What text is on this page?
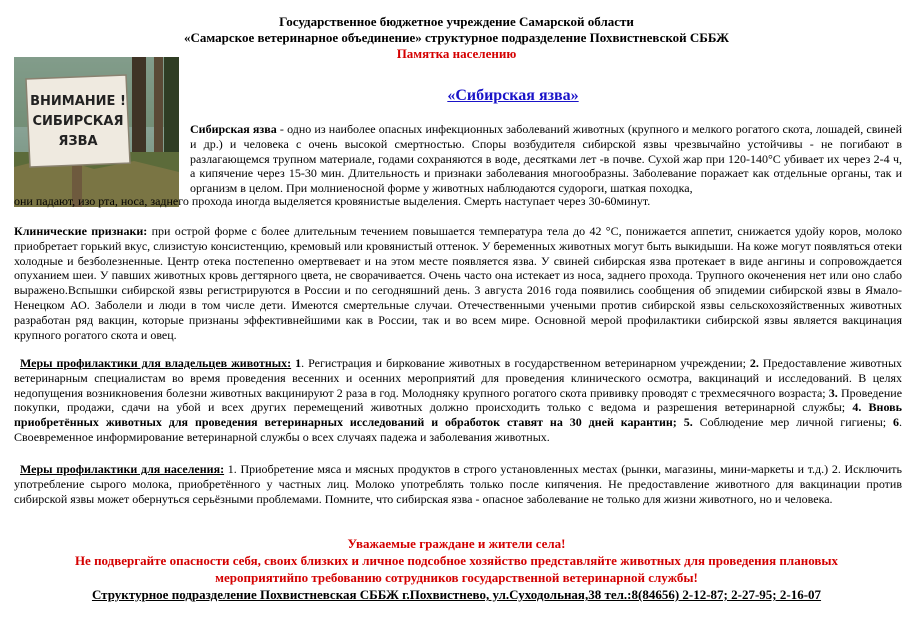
Государственное бюджетное учреждение Самарской области
«Самарское ветеринарное объединение» структурное подразделение Похвистневской СББЖ
Памятка населению
ВНИМАНИЕ !
СИБИРСКАЯ
ЯЗВА
«Сибирская язва»

Сибирская язва - одно из наиболее опасных инфекционных заболеваний животных (крупного и мелкого рогатого скота, лошадей, свиней и др.) и человека с очень высокой смертностью. Споры возбудителя сибирской язвы чрезвычайно устойчивы - не погибают в разлагающемся трупном материале, годами сохраняются в воде, десятками лет -в почве. Сухой жар при 120-140°С убивает их через 2-4 ч, а кипячение через 15-30 мин. Длительность и признаки заболевания многообразны. Заболевание поражает как отдельные органы, так и организм в целом. При молниеносной форме у животных наблюдаются судороги, шаткая походка,

они падают, изо рта, носа, заднего прохода иногда выделяется кровянистые выделения. Смерть наступает через 30-60минут.

Клинические признаки: при острой форме с более длительным течением повышается температура тела до 42 °С, понижается аппетит, снижается удойу коров, молоко приобретает горький вкус, слизистую консистенцию, кремовый или кровянистый оттенок. У беременных животных могут быть выкидыши. На коже могут появляться отеки холодные и безболезненные. Центр отека постепенно омертвевает и на этом месте появляется язва. У свиней сибирская язва протекает в виде ангины и сопровождается опуханием шеи. У павших животных кровь дегтярного цвета, не сворачивается. Очень часто она истекает из носа, заднего прохода. Трупного окоченения нет или оно слабо выражено.Вспышки сибирской язвы регистрируются в России и по сегодняшний день. 3 августа 2016 года появились сообщения об эпидемии сибирской язвы в Ямало-Ненецком АО. Заболели и люди в том числе дети. Имеются смертельные случаи. Отечественными учеными против сибирской язвы сельскохозяйственных животных разработан ряд вакцин, которые признаны эффективнейшими как в России, так и во всем мире. Основной мерой профилактики сибирской язвы является вакцинация крупного рогатого скота и овец.

Меры профилактики для владельцев животных: 1. Регистрация и биркование животных в государственном ветеринарном учреждении; 2. Предоставление животных ветеринарным специалистам во время проведения весенних и осенних мероприятий для проведения клинического осмотра, вакцинаций и исследований. В целях недопущения возникновения болезни животных вакцинируют 2 раза в год. Молодняку крупного рогатого скота прививку проводят с трехмесячного возраста; 3. Проведение покупки, продажи, сдачи на убой и всех других перемещений животных должно происходить только с ведома и разрешения ветеринарной службы; 4. Вновь приобретённых животных для проведения ветеринарных исследований и обработок ставят на 30 дней карантин; 5. Соблюдение мер личной гигиены; 6. Своевременное информирование ветеринарной службы о всех случаях падежа и заболевания животных.

Меры профилактики для населения: 1. Приобретение мяса и мясных продуктов в строго установленных местах (рынки, магазины, мини-маркеты и т.д.) 2. Исключить употребление сырого молока, приобретённого у частных лиц. Молоко употреблять только после кипячения. Не предоставление животного для вакцинации против сибирской язвы может обернуться серьёзными проблемами. Помните, что сибирская язва - опасное заболевание не только для жизни животного, но и человека.

Уважаемые граждане и жители села!
Не подвергайте опасности себя, своих близких и личное подсобное хозяйство представляйте животных для проведения плановых
мероприятийпо требованию сотрудников государственной ветеринарной службы!
Структурное подразделение Похвистневская СББЖ г.Похвистнево, ул.Суходольная,38 тел.:8(84656) 2-12-87; 2-27-95; 2-16-07
